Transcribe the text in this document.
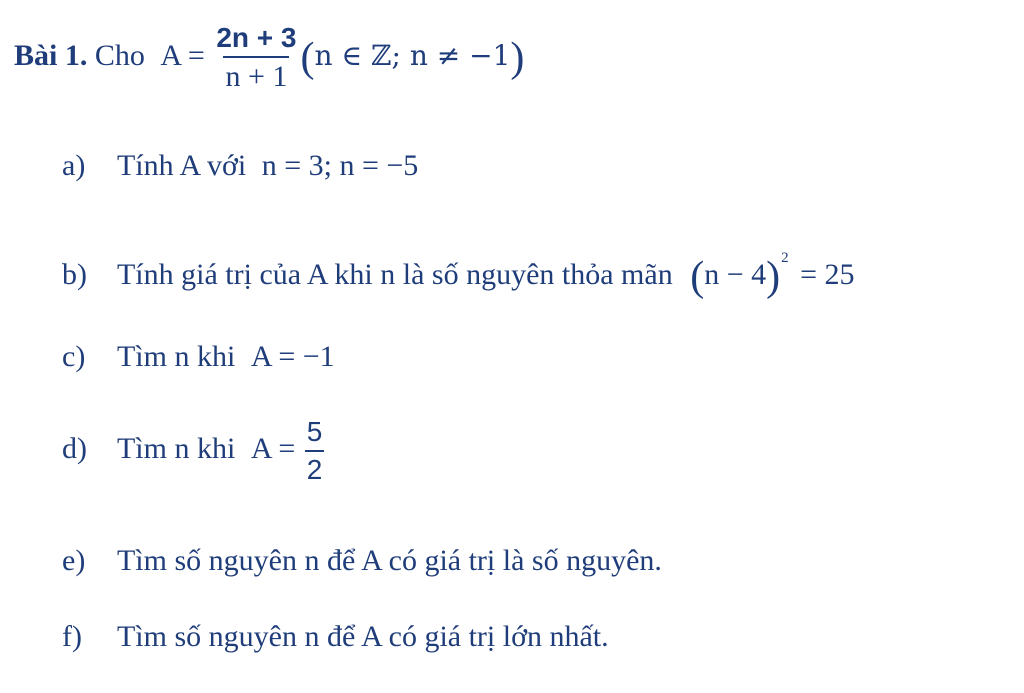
Bài 1. Cho $A = \frac{2n + 3}{n + 1} (n$ ∈ ℤ; n ≠ −1)
a) Tính A với n = 3; n = −5
b) Tính giá trị của A khi n là số nguyên thỏa mãn $(n - 4)^2 = 25$
c) Tìm n khi A = −1
d) Tìm n khi $A = \frac{5}{2}$
e) Tìm số nguyên n để A có giá trị là số nguyên.
f) Tìm số nguyên n để A có giá trị lớn nhất.
